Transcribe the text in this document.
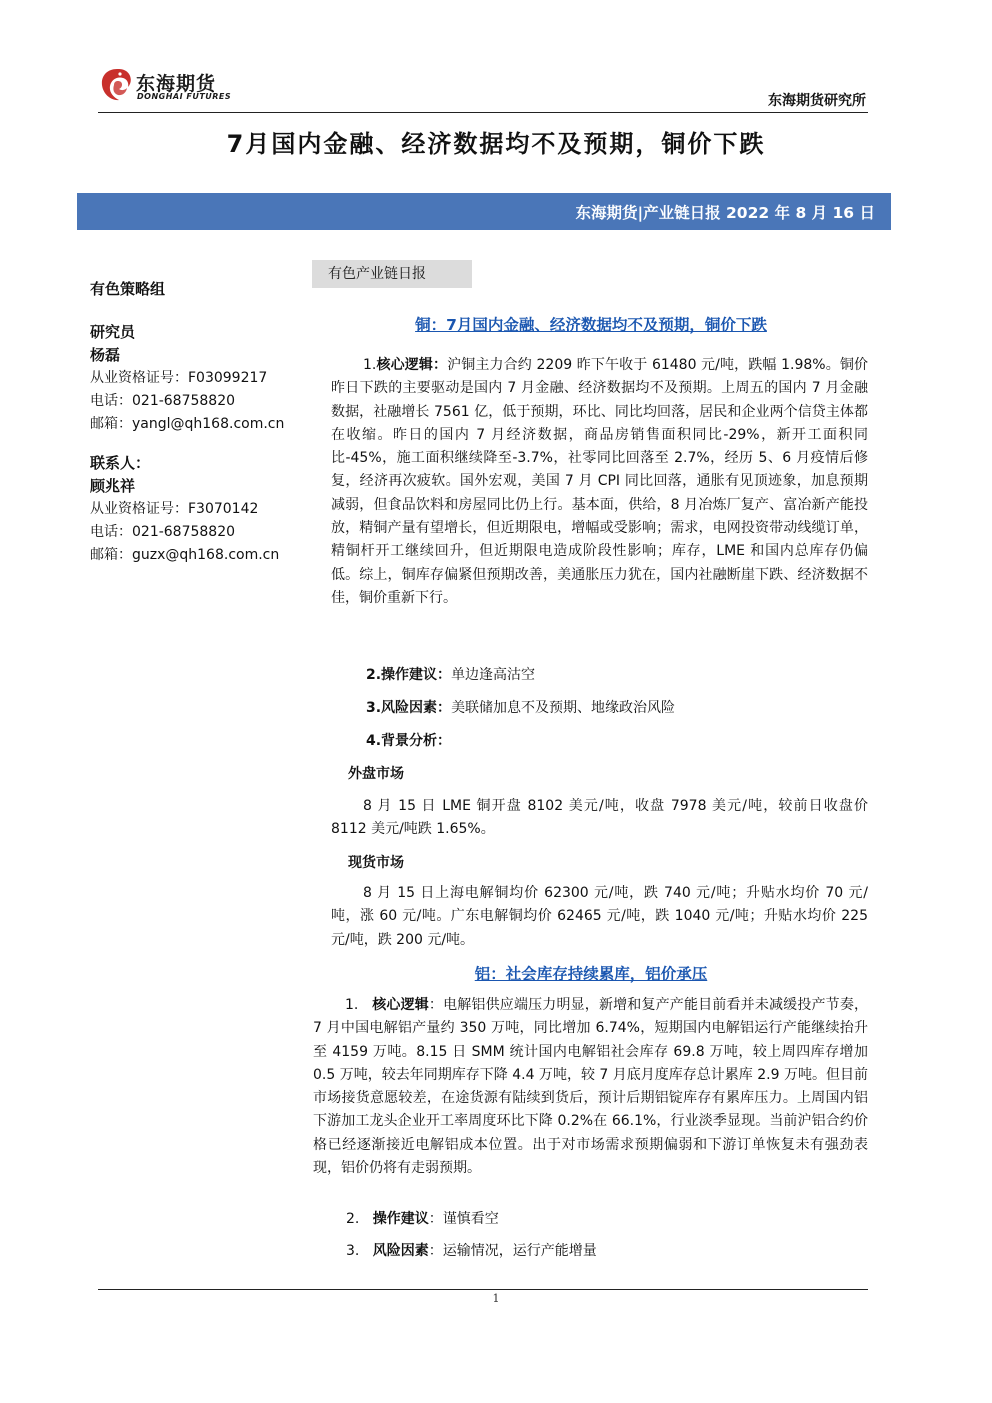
东海期货
DONGHAI FUTURES	东海期货研究所
7月国内金融、经济数据均不及预期，铜价下跌
东海期货|产业链日报 2022 年 8 月 16 日
有色策略组
研究员
杨磊
从业资格证号：F03099217
电话：021-68758820
邮箱：yangl@qh168.com.cn
联系人：
顾兆祥
从业资格证号：F3070142
电话：021-68758820
邮箱：guzx@qh168.com.cn
有色产业链日报
铜：7月国内金融、经济数据均不及预期，铜价下跌
1.核心逻辑：沪铜主力合约 2209 昨下午收于 61480 元/吨，跌幅 1.98%。铜价昨日下跌的主要驱动是国内 7 月金融、经济数据均不及预期。上周五的国内 7 月金融数据，社融增长 7561 亿，低于预期，环比、同比均回落，居民和企业两个信贷主体都在收缩。昨日的国内 7 月经济数据，商品房销售面积同比-29%，新开工面积同比-45%，施工面积继续降至-3.7%，社零同比回落至 2.7%，经历 5、6 月疫情后修复，经济再次疲软。国外宏观，美国 7 月 CPI 同比回落，通胀有见顶迹象，加息预期减弱，但食品饮料和房屋同比仍上行。基本面，供给，8 月冶炼厂复产、富冶新产能投放，精铜产量有望增长，但近期限电，增幅或受影响；需求，电网投资带动线缆订单，精铜杆开工继续回升，但近期限电造成阶段性影响；库存，LME 和国内总库存仍偏低。综上，铜库存偏紧但预期改善，美通胀压力犹在，国内社融断崖下跌、经济数据不佳，铜价重新下行。
2.操作建议：单边逢高沽空
3.风险因素：美联储加息不及预期、地缘政治风险
4.背景分析：
外盘市场
8 月 15 日 LME 铜开盘 8102 美元/吨，收盘 7978 美元/吨，较前日收盘价 8112 美元/吨跌 1.65%。
现货市场
8 月 15 日上海电解铜均价 62300 元/吨，跌 740 元/吨；升贴水均价 70 元/吨，涨 60 元/吨。广东电解铜均价 62465 元/吨，跌 1040 元/吨；升贴水均价 225 元/吨，跌 200 元/吨。
铝：社会库存持续累库，铝价承压
1. 核心逻辑：电解铝供应端压力明显，新增和复产产能目前看并未减缓投产节奏，7 月中国电解铝产量约 350 万吨，同比增加 6.74%，短期国内电解铝运行产能继续抬升至 4159 万吨。8.15 日 SMM 统计国内电解铝社会库存 69.8 万吨，较上周四库存增加 0.5 万吨，较去年同期库存下降 4.4 万吨，较 7 月底月度库存总计累库 2.9 万吨。但目前市场接货意愿较差，在途货源有陆续到货后，预计后期铝锭库存有累库压力。上周国内铝下游加工龙头企业开工率周度环比下降 0.2%在 66.1%，行业淡季显现。当前沪铝合约价格已经逐渐接近电解铝成本位置。出于对市场需求预期偏弱和下游订单恢复未有强劲表现，铝价仍将有走弱预期。
2. 操作建议：谨慎看空
3. 风险因素：运输情况，运行产能增量
1
